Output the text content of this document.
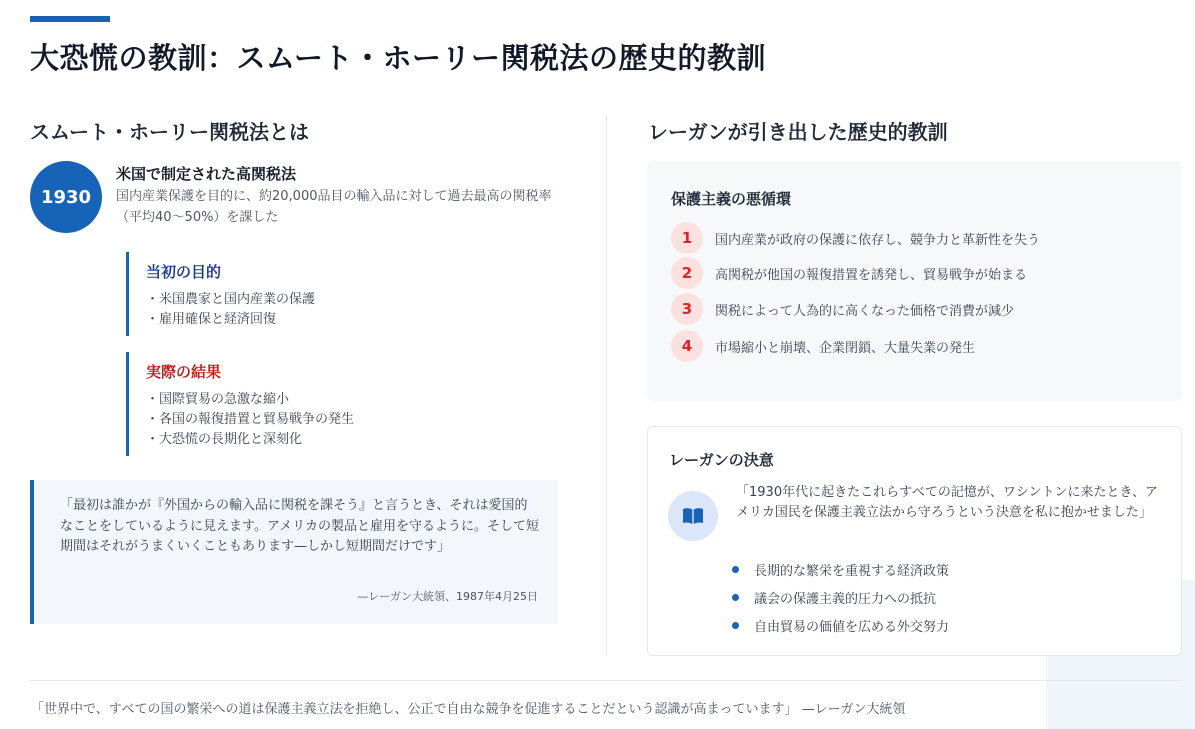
大恐慌の教訓：スムート・ホーリー関税法の歴史的教訓
スムート・ホーリー関税法とは
1930
米国で制定された高関税法

国内産業保護を目的に、約20,000品目の輸入品に対して過去最高の関税率（平均40～50%）を課した

当初の目的
・米国農家と国内産業の保護
・雇用確保と経済回復
実際の結果
・国際貿易の急激な縮小
・各国の報復措置と貿易戦争の発生
・大恐慌の長期化と深刻化

「最初は誰かが『外国からの輸入品に関税を課そう』と言うとき、それは愛国的なことをしているように見えます。アメリカの製品と雇用を守るように。そして短期間はそれがうまくいくこともあります—しかし短期間だけです」

—レーガン大統領、1987年4月25日
レーガンが引き出した歴史的教訓
保護主義の悪循環
1	国内産業が政府の保護に依存し、競争力と革新性を失う
2	高関税が他国の報復措置を誘発し、貿易戦争が始まる
3	関税によって人為的に高くなった価格で消費が減少
4	市場縮小と崩壊、企業閉鎖、大量失業の発生
レーガンの決意

「1930年代に起きたこれらすべての記憶が、ワシントンに来たとき、アメリカ国民を保護主義立法から守ろうという決意を私に抱かせました」

長期的な繁栄を重視する経済政策
議会の保護主義的圧力への抵抗
自由貿易の価値を広める外交努力
「世界中で、すべての国の繁栄への道は保護主義立法を拒絶し、公正で自由な競争を促進することだという認識が高まっています」 —レーガン大統領
